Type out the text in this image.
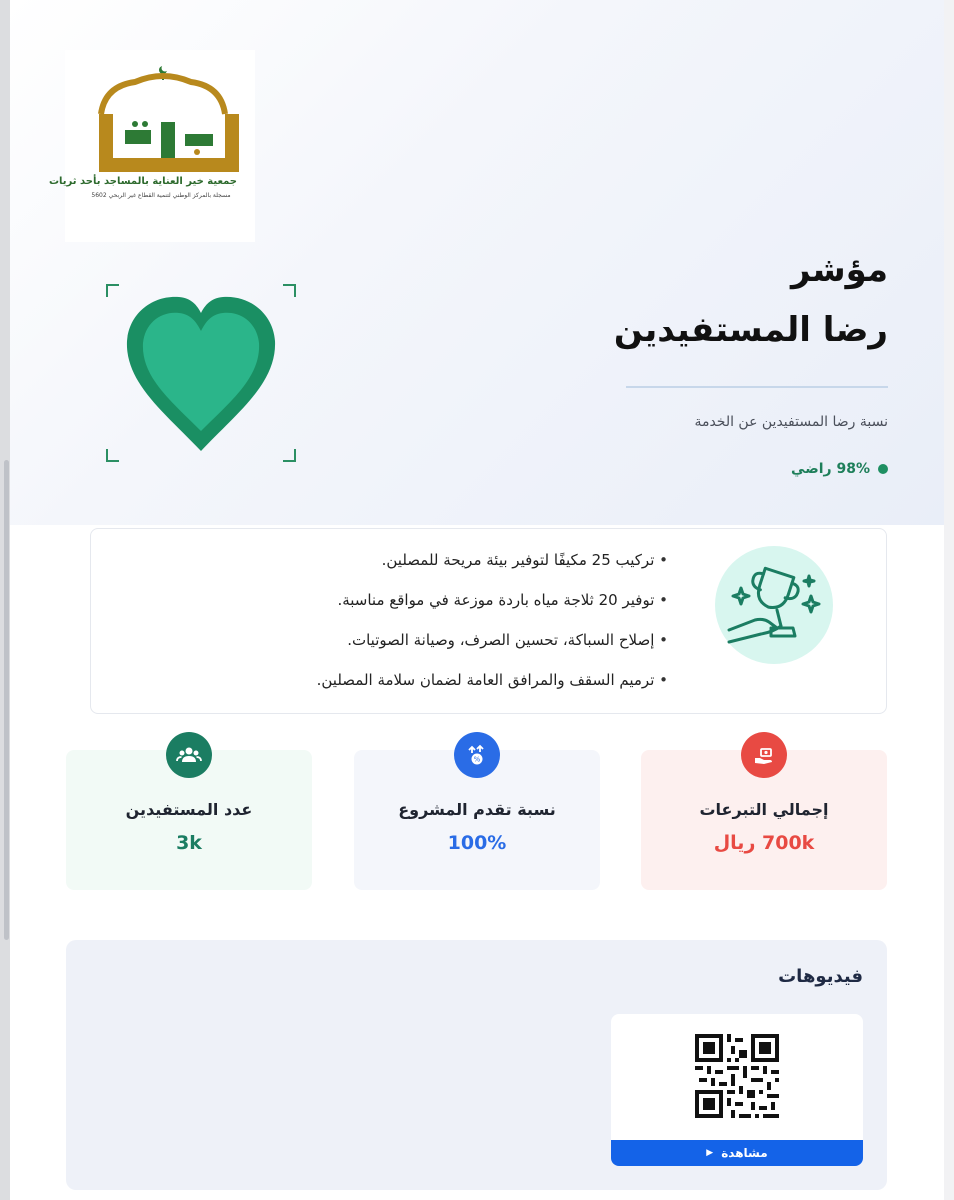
جمعية خير العناية بالمساجد بأحد ثريات
مسجلة بالمركز الوطني لتنمية القطاع غير الربحي 5602
مؤشر
رضا المستفيدين
نسبة رضا المستفيدين عن الخدمة
98% راضي
• تركيب 25 مكيفًا لتوفير بيئة مريحة للمصلين.
• توفير 20 ثلاجة مياه باردة موزعة في مواقع مناسبة.
• إصلاح السباكة، تحسين الصرف، وصيانة الصوتيات.
• ترميم السقف والمرافق العامة لضمان سلامة المصلين.
إجمالي التبرعات
700k ريال
%
نسبة تقدم المشروع
100%
عدد المستفيدين
3k
فيديوهات
مشاهدة
▶
